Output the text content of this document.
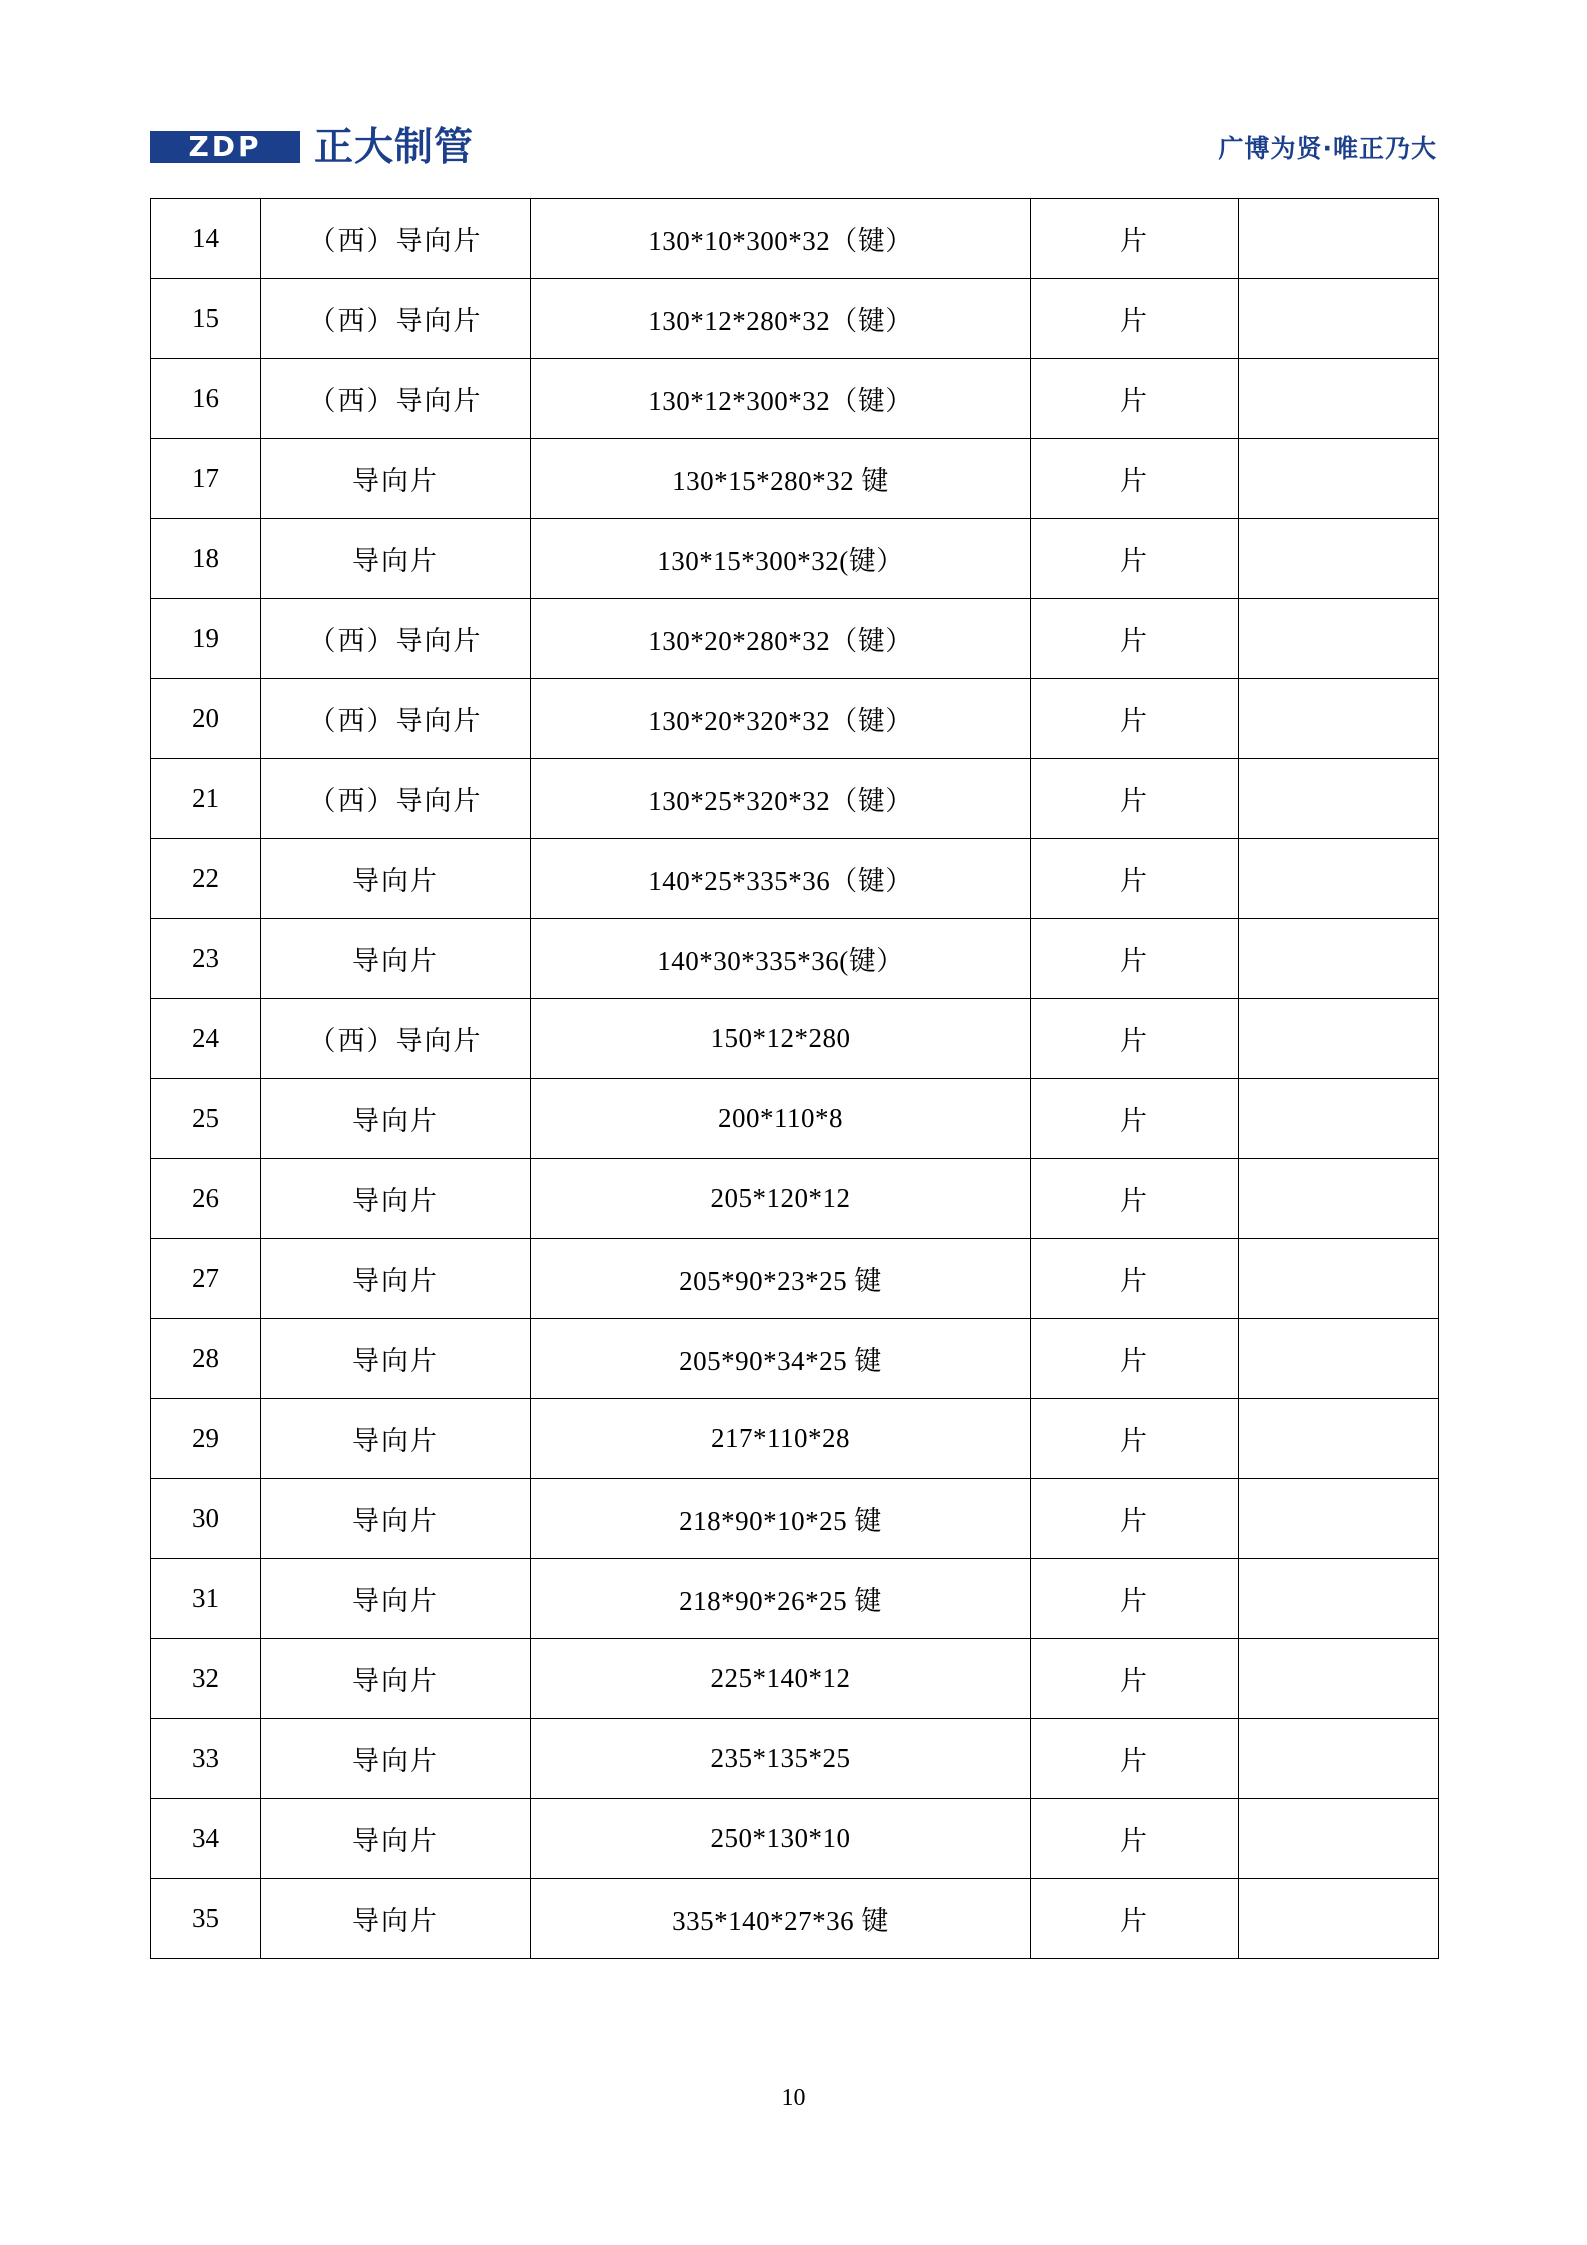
ZDP 正大制管	广博为贤·唯正乃大
14	（西）导向片	130*10*300*32（键）	片	
15	（西）导向片	130*12*280*32（键）	片	
16	（西）导向片	130*12*300*32（键）	片	
17	导向片	130*15*280*32 键	片	
18	导向片	130*15*300*32(键）	片	
19	（西）导向片	130*20*280*32（键）	片	
20	（西）导向片	130*20*320*32（键）	片	
21	（西）导向片	130*25*320*32（键）	片	
22	导向片	140*25*335*36（键）	片	
23	导向片	140*30*335*36(键）	片	
24	（西）导向片	150*12*280	片	
25	导向片	200*110*8	片	
26	导向片	205*120*12	片	
27	导向片	205*90*23*25 键	片	
28	导向片	205*90*34*25 键	片	
29	导向片	217*110*28	片	
30	导向片	218*90*10*25 键	片	
31	导向片	218*90*26*25 键	片	
32	导向片	225*140*12	片	
33	导向片	235*135*25	片	
34	导向片	250*130*10	片	
35	导向片	335*140*27*36 键	片	
10
